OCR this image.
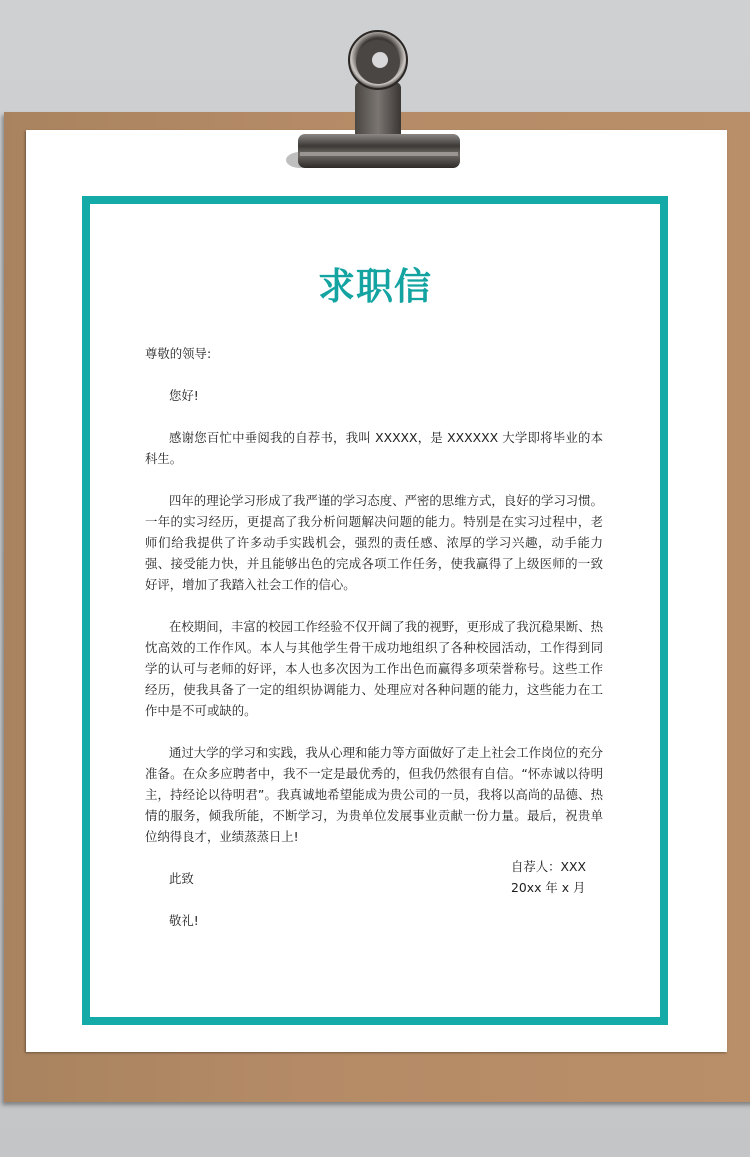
求职信

尊敬的领导:

您好!

感谢您百忙中垂阅我的自荐书，我叫 XXXXX，是 XXXXXX 大学即将毕业的本科生。

四年的理论学习形成了我严谨的学习态度、严密的思维方式，良好的学习习惯。一年的实习经历，更提高了我分析问题解决问题的能力。特别是在实习过程中，老师们给我提供了许多动手实践机会，强烈的责任感、浓厚的学习兴趣，动手能力强、接受能力快，并且能够出色的完成各项工作任务，使我赢得了上级医师的一致好评，增加了我踏入社会工作的信心。

在校期间，丰富的校园工作经验不仅开阔了我的视野，更形成了我沉稳果断、热忱高效的工作作风。本人与其他学生骨干成功地组织了各种校园活动，工作得到同学的认可与老师的好评，本人也多次因为工作出色而赢得多项荣誉称号。这些工作经历，使我具备了一定的组织协调能力、处理应对各种问题的能力，这些能力在工作中是不可或缺的。

通过大学的学习和实践，我从心理和能力等方面做好了走上社会工作岗位的充分准备。在众多应聘者中，我不一定是最优秀的，但我仍然很有自信。“怀赤诚以待明主，持经论以待明君”。我真诚地希望能成为贵公司的一员，我将以高尚的品德、热情的服务，倾我所能，不断学习，为贵单位发展事业贡献一份力量。最后，祝贵单位纳得良才，业绩蒸蒸日上!

此致

敬礼!

自荐人：XXX
20xx 年 x 月
